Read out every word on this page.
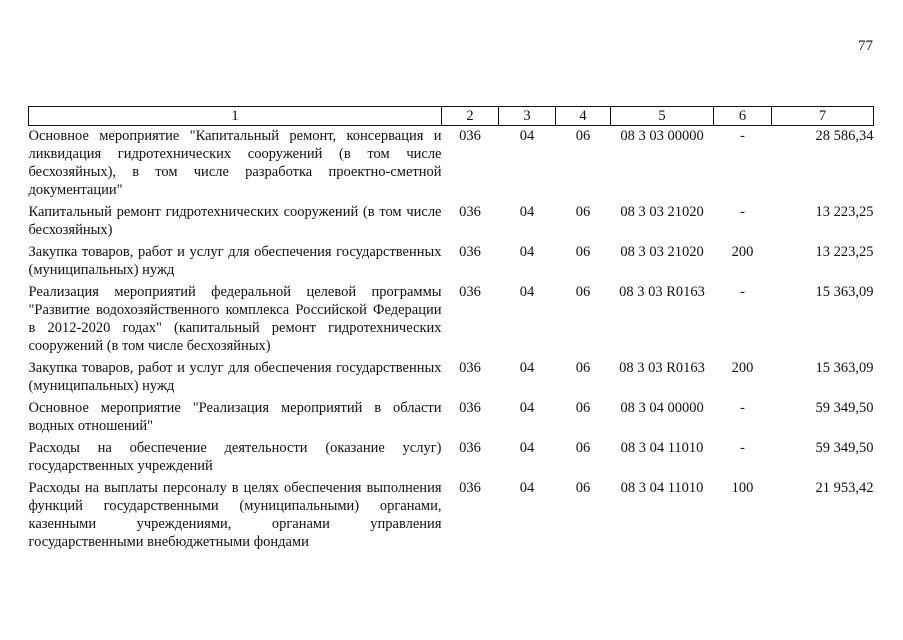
77
1	2	3	4	5	6	7
Основное мероприятие "Капитальный ремонт, консервация и ликвидация гидротехнических сооружений (в том числе бесхозяйных), в том числе разработка проектно-сметной документации"	036	04	06	08 3 03 00000	-	28 586,34
Капитальный ремонт гидротехнических сооружений (в том числе бесхозяйных)	036	04	06	08 3 03 21020	-	13 223,25
Закупка товаров, работ и услуг для обеспечения государственных (муниципальных) нужд	036	04	06	08 3 03 21020	200	13 223,25
Реализация мероприятий федеральной целевой программы "Развитие водохозяйственного комплекса Российской Федерации в 2012-2020 годах" (капитальный ремонт гидротехнических сооружений (в том числе бесхозяйных)	036	04	06	08 3 03 R0163	-	15 363,09
Закупка товаров, работ и услуг для обеспечения государственных (муниципальных) нужд	036	04	06	08 3 03 R0163	200	15 363,09
Основное мероприятие "Реализация мероприятий в области водных отношений"	036	04	06	08 3 04 00000	-	59 349,50
Расходы на обеспечение деятельности (оказание услуг) государственных учреждений	036	04	06	08 3 04 11010	-	59 349,50
Расходы на выплаты персоналу в целях обеспечения выполнения функций государственными (муниципальными) органами, казенными учреждениями, органами управления государственными внебюджетными фондами	036	04	06	08 3 04 11010	100	21 953,42
